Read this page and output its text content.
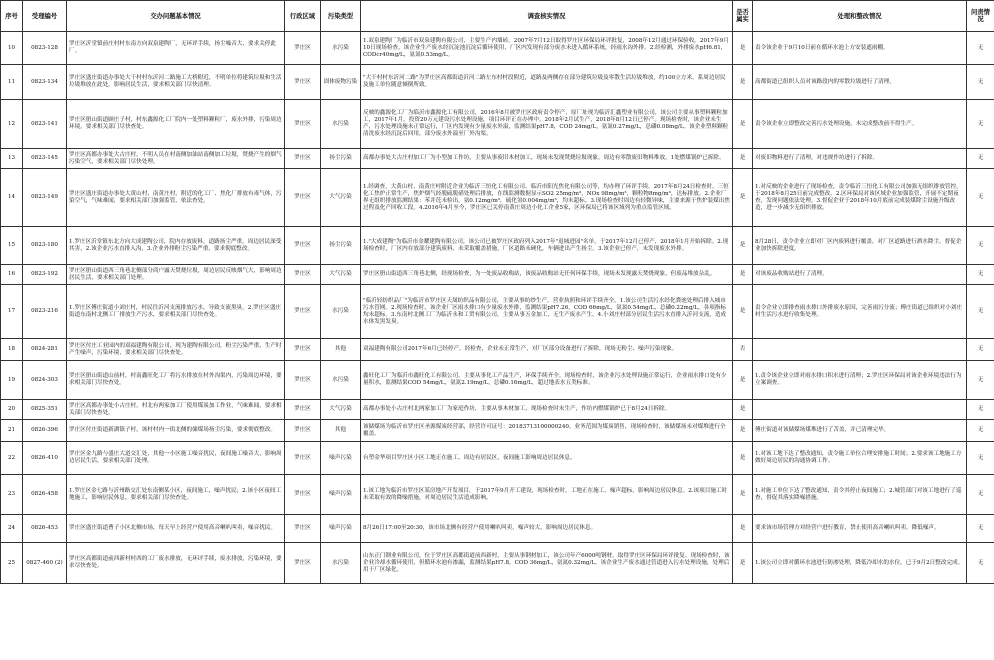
序号	受理编号	交办问题基本情况	行政区域	污染类型	调查核实情况	是否属实	处理和整改情况	问责情况
10	0823-128	罗庄区沂堂镇前庄村村东南方向双泉建陶厂，无环评手续，扬尘噪音大，要求关停此厂。	罗庄区	水污染	1.双泉建陶厂为临沂市双泉建陶有限公司，主要生产内墙砖，2007年7月12日取得罗庄区环保局环评批复，2008年12月通过环保验收。2017年9月10日现场检查，该企业生产废水经沉淀池沉淀后循环使用，厂区内发现有部分废水未进入循环系统，经雨水沟外排。2.经检测，外排废水pH6.81，CODcr40mg/L，氨氮0.53mg/L。	是	责令该企业于9月10日前在循环水池上方安装遮雨棚。	无
11	0823-134	罗庄区盛庄街道办事处大干村村东沂河二路施工大桥附近，不明单位将建筑垃圾和生活垃圾堆放在此处，影响居民生活，要求相关部门尽快清理。	罗庄区	固体废物污染	"大干村村东沂河二路"为罗庄区高都街道沂河二路左东村村段附近，道路及两侧存在部分建筑垃圾及零散生活垃圾堆放，约100立方米，系周边居民及施工单位随意倾倒所致。	是	高都街道已组织人员对该路段内的零散垃圾进行了清理。	无
12	0823-141	罗庄区册山街道顾庄子村，村东鑫源化工厂院内一处塑料颗粒厂，废水外排，污染周边环境，要求相关部门尽快查处。	罗庄区	水污染	反映的鑫源化工厂为临沂市鑫源化工有限公司，2016年8月被罗庄区政府责令停产，原厂址现为临沂汇鑫塑业有限公司，该公司主要从事塑料颗粒加工，2017年1月，投资20万元建设污水处理设施，项目环评正在办理中。2018年2月试生产，2018年8月12日已停产。现场检查时，该企业未生产，污水处理设施未正常运行，厂区内发现有少量废水外溢，监测结果pH7.8，COD 24mg/L，氨氮0.27mg/L，总磷0.08mg/L。该企业塑料颗粒清洗废水经沉淀后回用，部分废水外溢至厂外沟渠。	是	责令该企业立即整改完善污水处理设施，未完成整改前不得生产。	无
13	0823-145	罗庄区高都办事处大古庄村，不明人员在村南侧加油站南侧加工垃圾，焚烧产生的烟气污染空气，要求相关部门尽快处理。	罗庄区	扬尘污染	高都办事处大古庄村加工厂为小型加工作坊，主要从事废旧木材加工，现场未发现焚烧垃圾现象，周边有零散废旧物料堆放，1处燃煤锅炉已拆除。	是	对废旧物料进行了清理，对违规作坊进行了拆除。	无
14	0823-149	罗庄区盛庄街道办事处大黄山村，南黄庄村，附近的化工厂、焦化厂排放有毒气体，污染空气，气味难闻，要求相关部门加强监管，依法查处。	罗庄区	大气污染	1.经调查，大黄山村、南黄庄村附近企业为临沂三恒化工有限公司、临沂市阳光焦化有限公司等，均办理了环评手续。2017年8月24日检查时，三恒化工焦炉正常生产，焦炉烟气经脱硫脱硝处理后排放，在线监测数据显示SO2 25mg/m³，NOx 98mg/m³，颗粒物8mg/m³，达标排放。2.企业厂界无组织排放监测结果：苯并芘未检出，氨0.12mg/m³，硫化氢0.004mg/m³，均未超标。3.现场检查时周边有轻微异味，主要来源于焦炉装煤出焦过程及化产回收工段。4.2016年4月至今，罗庄区已关停南黄庄周边小化工企业5家，区环保局已将该区域列为重点监管区域。	是	1.对反映的企业进行了现场检查，责令临沂三恒化工有限公司加强无组织排放管控，于2018年8月25日前完成整改。2.区环保局对该区域企业加强监管，开展不定期夜查，发现问题依法处理。3.督促企业于2018年10月底前完成装煤除尘设施升级改造，进一步减少无组织排放。	无
15	0823-180	1.罗庄区沂堂镇东北方向大成建陶公司，院内存放废料，道路扬尘严重，周边居民深受其害，2.该企业污水直排入沟，3.企业外排粉尘污染严重，要求彻底整改。	罗庄区	扬尘污染	1."大成建陶"为临沂市金耀建陶有限公司，该公司已被罗庄区政府列入2017年"退城进园"名单，于2017年12月已停产，2018年1月开始拆除。2.现场检查时，厂区内存放部分建筑废料，未采取覆盖措施，厂区道路未硬化，车辆进出产生扬尘。3.该企业已停产，未发现废水外排。	是	8月28日，责令企业立即对厂区内废料进行覆盖，对厂区道路进行洒水降尘，督促企业加快拆除进度。	无
16	0823-192	罗庄区册山街道西三角巷北侧部分商户露天焚烧垃圾，周边居民反映烟气大，影响周边居民生活，要求相关部门处理。	罗庄区	大气污染	罗庄区册山街道西三角巷北侧，经现场检查，为一处废品收购站，该废品收购站无任何环保手续，现场未发现露天焚烧现象，但废品堆放杂乱。	是	对该废品收购站进行了清理。	无
17	0823-216	1.罗庄区傅庄街道小刘庄村，村民往沂河支流排放污水，导致支流黑臭，2.罗庄区盛庄街道东南村北侧工厂排放生产污水，要求相关部门尽快查处。	罗庄区	水污染	"临沂轻纺织品厂"为临沂市罗庄区天晟纺织品有限公司，主要从事纺纱生产，营业执照和环评手续齐全。1.该公司生活污水经化粪池处理后排入城市污水管网。2.现场检查时，该企业厂区雨水排口有少量废水外排，监测结果pH7.26，COD 66mg/L，氨氮0.54mg/L，总磷0.22mg/L，各项指标均未超标。3.东南村北侧工厂为临沂永和工贸有限公司，主要从事五金加工，无生产废水产生。4.小刘庄村部分居民生活污水直排入沂河支流，造成水体发黑发臭。	是	责令企业立即排查雨水排口外排废水原因，完善雨污分流；傅庄街道已组织对小刘庄村生活污水进行收集处理。	无
18	0824-281	罗庄区付庄工业园内的双福建陶有限公司，现为建陶有限公司，粉尘污染严重，生产时产生噪声，污染环境，要求相关部门尽快查处。	罗庄区	其他	双福建陶有限公司2017年6月已经停产，经检查，企业未正常生产，对厂区部分设备进行了拆除，现场无粉尘、噪声污染现象。	否		无
19	0824-303	罗庄区册山街道山前村，村南鑫旺化工厂将污水排放在村外沟渠内，污染周边环境，要求相关部门尽快查处。	罗庄区	水污染	鑫旺化工厂为临沂市鑫旺化工有限公司，主要从事化工产品生产，环保手续齐全。现场检查时，该企业污水处理设施正常运行，企业雨水排口处有少量积水，监测结果COD 54mg/L，氨氮2.19mg/L，总磷0.16mg/L，超过地表水五类标准。	是	1.责令该企业立即对雨水排口积水进行清理；2.罗庄区环保局对该企业环境违法行为立案调查。	无
20	0825-351	罗庄区高都办事处小古庄村，村北有两家加工厂使用煤炭加工作业，气味难闻，要求相关部门尽快查处。	罗庄区	大气污染	高都办事处小古庄村北两家加工厂为家庭作坊，主要从事木材加工，现场检查时未生产，作坊内燃煤锅炉已于8月24日拆除。	是		无
21	0826-396	罗庄区付庄街道新湖镇子村，该村村内一街北侧的储煤场扬尘污染，要求彻底整改。	罗庄区	其他	该储煤场为临沂市罗庄区圣源煤炭经营部，经营许可证号：20183713100000240，业务范围为煤炭销售，现场检查时，该储煤场未对煤堆进行全覆盖。	是	傅庄街道对该储煤场煤堆进行了苫盖，并已清理完毕。	无
22	0826-410	罗庄区金九路与盛庄大道交汇处，其他一小区施工噪音扰民，夜间施工噪音大，影响周边居民生活，要求相关部门处理。	罗庄区	噪声污染	台塑金华项目罗庄区小区工地正在施工，周边有居民区，夜间施工影响周边居民休息。	是	1.对该工地下达了整改通知，责令施工单位合理安排施工时间；2.要求该工地施工方做好周边居民的沟通协调工作。	无
23	0826-458	1.罗庄区金七路与沂州路交汇处东南侧某小区，夜间施工，噪声扰民；2.该小区夜间工地施工，影响居民休息，要求相关部门尽快查处。	罗庄区	噪声污染	1.该工地为临沂市罗庄区某房地产开发项目，于2017年9月开工建设，现场检查时，工地正在施工，噪声超标，影响周边居民休息。2.该项目施工时未采取有效的降噪措施，对周边居民生活造成影响。	是	1.对施工单位下达了整改通知，责令其停止夜间施工；2.城管部门对该工地进行了巡查，督促其落实降噪措施。	无
24	0826-453	罗庄区盛庄街道曹子小区北侧市场，每天早上经营户使用高音喇叭叫卖，噪音扰民。	罗庄区	噪声污染	8月26日17:00至20:30，该市场北侧有经营户使用喇叭叫卖，噪声较大，影响周边居民休息。	是	要求该市场管理方对经营户进行教育，禁止使用高音喇叭叫卖，降低噪声。	无
25	0827-460 (2)	罗庄区高都街道前西新村村西的工厂废水排放，无环评手续，废水排放，污染环境，要求尽快查处。	罗庄区	水污染	山东正门钢业有限公司，位于罗庄区高都街道前西新村，主要从事钢材加工，该公司年产6000吨钢材，取得罗庄区环保局环评批复。现场检查时，该企业冷却水循环使用，但循环水池有渗漏，监测结果pH7.8，COD 36mg/L，氨氮0.32mg/L。该企业生产废水通过管道进入污水处理设施，处理后用于厂区绿化。	是	1.该公司立即对循环水池进行防渗处理，降低冷却水的水位，已于9月2日整改完成。	无
